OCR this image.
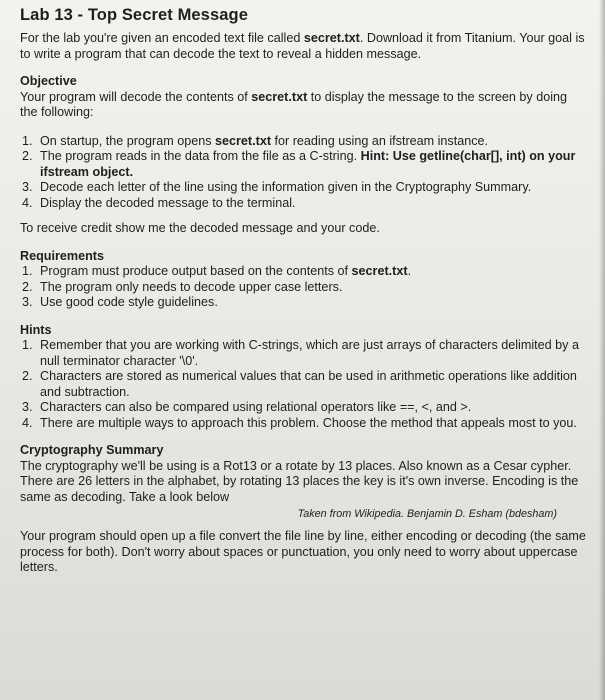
Lab 13 - Top Secret Message

For the lab you're given an encoded text file called secret.txt. Download it from Titanium. Your goal is to write a program that can decode the text to reveal a hidden message.

Objective

Your program will decode the contents of secret.txt to display the message to the screen by doing the following:

1. On startup, the program opens secret.txt for reading using an ifstream instance.
2. The program reads in the data from the file as a C-string. Hint: Use getline(char[], int) on your ifstream object.
3. Decode each letter of the line using the information given in the Cryptography Summary.
4. Display the decoded message to the terminal.

To receive credit show me the decoded message and your code.

Requirements
1. Program must produce output based on the contents of secret.txt.
2. The program only needs to decode upper case letters.
3. Use good code style guidelines.
Hints
1. Remember that you are working with C-strings, which are just arrays of characters delimited by a null terminator character '\0'.
2. Characters are stored as numerical values that can be used in arithmetic operations like addition and subtraction.
3. Characters can also be compared using relational operators like ==, <, and >.
4. There are multiple ways to approach this problem. Choose the method that appeals most to you.
Cryptography Summary

The cryptography we'll be using is a Rot13 or a rotate by 13 places. Also known as a Cesar cypher. There are 26 letters in the alphabet, by rotating 13 places the key is it's own inverse. Encoding is the same as decoding. Take a look below

Taken from Wikipedia. Benjamin D. Esham (bdesham)

Your program should open up a file convert the file line by line, either encoding or decoding (the same process for both). Don't worry about spaces or punctuation, you only need to worry about uppercase letters.
